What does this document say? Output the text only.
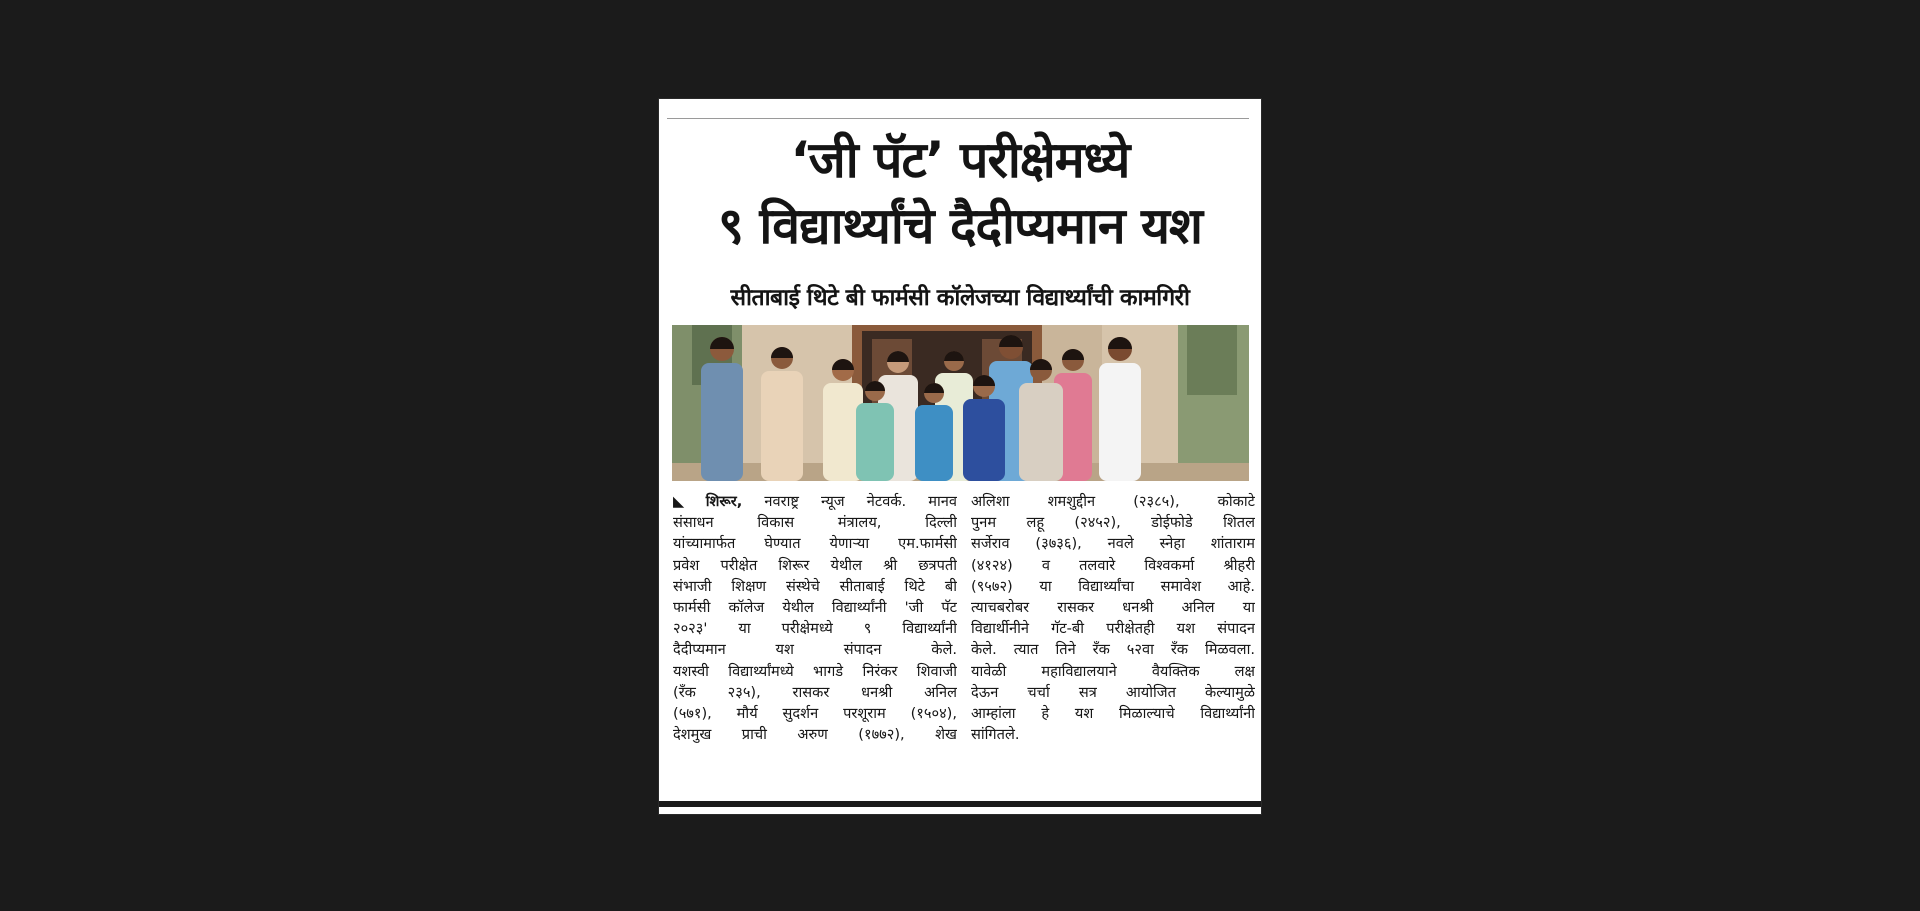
‘जी पॅट’ परीक्षेमध्ये
९ विद्यार्थ्यांचे दैदीप्यमान यश
सीताबाई थिटे बी फार्मसी कॉलेजच्या विद्यार्थ्यांची कामगिरी
◣ शिरूर, नवराष्ट्र न्यूज नेटवर्क. मानव
संसाधन विकास मंत्रालय, दिल्ली
यांच्यामार्फत घेण्यात येणाऱ्या एम.फार्मसी
प्रवेश परीक्षेत शिरूर येथील श्री छत्रपती
संभाजी शिक्षण संस्थेचे सीताबाई थिटे बी
फार्मसी कॉलेज येथील विद्यार्थ्यांनी 'जी पॅट
२०२३' या परीक्षेमध्ये ९ विद्यार्थ्यांनी
दैदीप्यमान यश संपादन केले.
यशस्वी विद्यार्थ्यांमध्ये भागडे निरंकर शिवाजी
(रँक २३५), रासकर धनश्री अनिल
(५७१), मौर्य सुदर्शन परशूराम (१५०४),
देशमुख प्राची अरुण (१७७२), शेख
अलिशा शमशुद्दीन (२३८५), कोकाटे
पुनम लहू (२४५२), डोईफोडे शितल
सर्जेराव (३७३६), नवले स्नेहा शांताराम
(४१२४) व तलवारे विश्वकर्मा श्रीहरी
(९५७२) या विद्यार्थ्यांचा समावेश आहे.
त्याचबरोबर रासकर धनश्री अनिल या
विद्यार्थीनीने गॅट-बी परीक्षेतही यश संपादन
केले. त्यात तिने रँक ५२वा रँक मिळवला.
यावेळी महाविद्यालयाने वैयक्तिक लक्ष
देऊन चर्चा सत्र आयोजित केल्यामुळे
आम्हांला हे यश मिळाल्याचे विद्यार्थ्यांनी
सांगितले.
